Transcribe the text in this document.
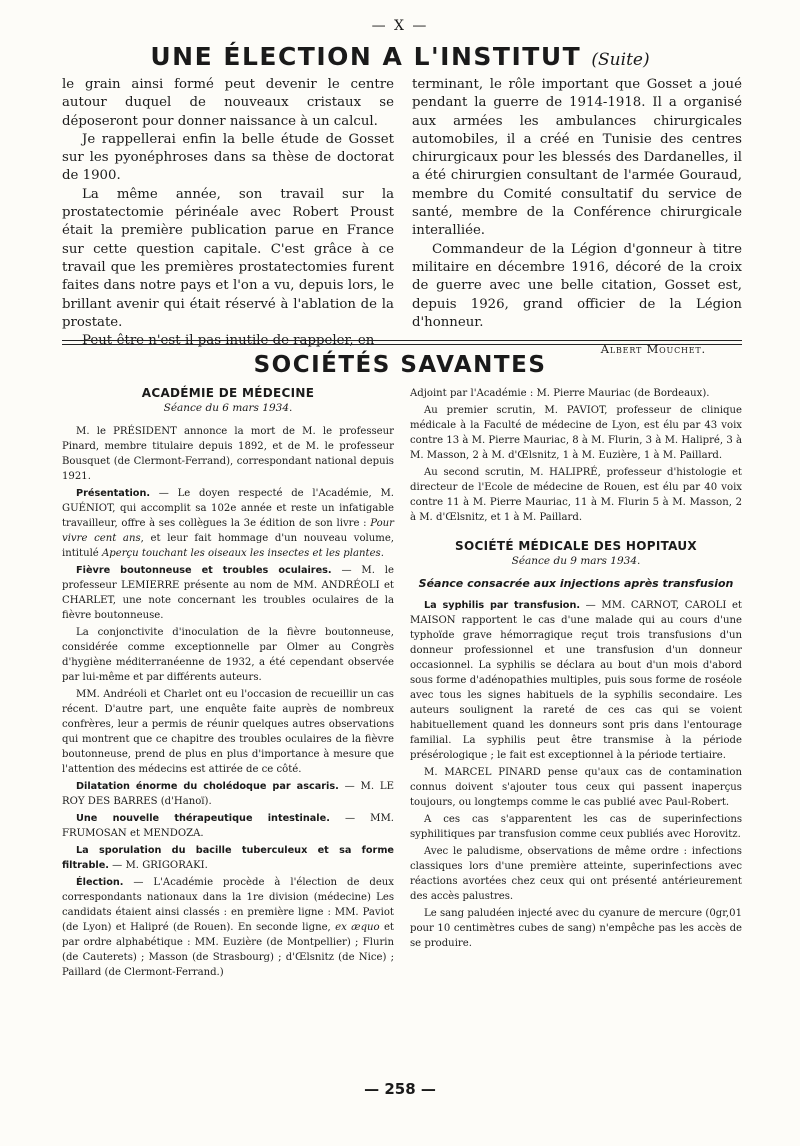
— X —
UNE ÉLECTION A L'INSTITUT (Suite)

le grain ainsi formé peut devenir le centre autour duquel de nouveaux cristaux se déposeront pour donner naissance à un calcul.

Je rappellerai enfin la belle étude de Gosset sur les pyonéphroses dans sa thèse de doctorat de 1900.

La même année, son travail sur la prostatectomie périnéale avec Robert Proust était la première publication parue en France sur cette question capitale. C'est grâce à ce travail que les premières prostatectomies furent faites dans notre pays et l'on a vu, depuis lors, le brillant avenir qui était réservé à l'ablation de la prostate.

Peut-être n'est-il pas inutile de rappeler, en

terminant, le rôle important que Gosset a joué pendant la guerre de 1914-1918. Il a organisé aux armées les ambulances chirurgicales automobiles, il a créé en Tunisie des centres chirurgicaux pour les blessés des Dardanelles, il a été chirurgien consultant de l'armée Gouraud, membre du Comité consultatif du service de santé, membre de la Conférence chirurgicale interalliée.

Commandeur de la Légion d'gonneur à titre militaire en décembre 1916, décoré de la croix de guerre avec une belle citation, Gosset est, depuis 1926, grand officier de la Légion d'honneur.

Albert Mouchet.
SOCIÉTÉS SAVANTES
ACADÉMIE DE MÉDECINE
Séance du 6 mars 1934.

M. le PRÉSIDENT annonce la mort de M. le professeur Pinard, membre titulaire depuis 1892, et de M. le professeur Bousquet (de Clermont-Ferrand), correspondant national depuis 1921.

Présentation. — Le doyen respecté de l'Académie, M. GUÉNIOT, qui accomplit sa 102e année et reste un infatigable travailleur, offre à ses collègues la 3e édition de son livre : Pour vivre cent ans, et leur fait hommage d'un nouveau volume, intitulé Aperçu touchant les oiseaux les insectes et les plantes.

Fièvre boutonneuse et troubles oculaires. — M. le professeur LEMIERRE présente au nom de MM. ANDRÉOLI et CHARLET, une note concernant les troubles oculaires de la fièvre boutonneuse.

La conjonctivite d'inoculation de la fièvre boutonneuse, considérée comme exceptionnelle par Olmer au Congrès d'hygiène méditerranéenne de 1932, a été cependant observée par lui-même et par différents auteurs.

MM. Andréoli et Charlet ont eu l'occasion de recueillir un cas récent. D'autre part, une enquête faite auprès de nombreux confrères, leur a permis de réunir quelques autres observations qui montrent que ce chapitre des troubles oculaires de la fièvre boutonneuse, prend de plus en plus d'importance à mesure que l'attention des médecins est attirée de ce côté.

Dilatation énorme du cholédoque par ascaris. — M. LE ROY DES BARRES (d'Hanoï).

Une nouvelle thérapeutique intestinale. — MM. FRUMOSAN et MENDOZA.

La sporulation du bacille tuberculeux et sa forme filtrable. — M. GRIGORAKI.

Élection. — L'Académie procède à l'élection de deux correspondants nationaux dans la 1re division (médecine) Les candidats étaient ainsi classés : en première ligne : MM. Paviot (de Lyon) et Halipré (de Rouen). En seconde ligne, ex æquo et par ordre alphabétique : MM. Euzière (de Montpellier) ; Flurin (de Cauterets) ; Masson (de Strasbourg) ; d'Œlsnitz (de Nice) ; Paillard (de Clermont-Ferrand.)

Adjoint par l'Académie : M. Pierre Mauriac (de Bordeaux).

Au premier scrutin, M. PAVIOT, professeur de clinique médicale à la Faculté de médecine de Lyon, est élu par 43 voix contre 13 à M. Pierre Mauriac, 8 à M. Flurin, 3 à M. Halipré, 3 à M. Masson, 2 à M. d'Œlsnitz, 1 à M. Euzière, 1 à M. Paillard.

Au second scrutin, M. HALIPRÉ, professeur d'histologie et directeur de l'Ecole de médecine de Rouen, est élu par 40 voix contre 11 à M. Pierre Mauriac, 11 à M. Flurin 5 à M. Masson, 2 à M. d'Œlsnitz, et 1 à M. Paillard.

SOCIÉTÉ MÉDICALE DES HOPITAUX
Séance du 9 mars 1934.
Séance consacrée aux injections après transfusion

La syphilis par transfusion. — MM. CARNOT, CAROLI et MAISON rapportent le cas d'une malade qui au cours d'une typhoïde grave hémorragique reçut trois transfusions d'un donneur professionnel et une transfusion d'un donneur occasionnel. La syphilis se déclara au bout d'un mois d'abord sous forme d'adénopathies multiples, puis sous forme de roséole avec tous les signes habituels de la syphilis secondaire. Les auteurs soulignent la rareté de ces cas qui se voient habituellement quand les donneurs sont pris dans l'entourage familial. La syphilis peut être transmise à la période présérologique ; le fait est exceptionnel à la période tertiaire.

M. MARCEL PINARD pense qu'aux cas de contamination connus doivent s'ajouter tous ceux qui passent inaperçus toujours, ou longtemps comme le cas publié avec Paul-Robert.

A ces cas s'apparentent les cas de superinfections syphilitiques par transfusion comme ceux publiés avec Horovitz.

Avec le paludisme, observations de même ordre : infections classiques lors d'une première atteinte, superinfections avec réactions avortées chez ceux qui ont présenté antérieurement des accès palustres.

Le sang paludéen injecté avec du cyanure de mercure (0gr,01 pour 10 centimètres cubes de sang) n'empêche pas les accès de se produire.

— 258 —
